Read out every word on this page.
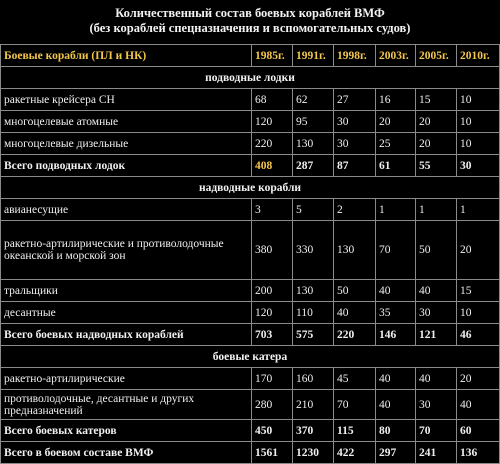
Количественный состав боевых кораблей ВМФ
(без кораблей спецназначения и вспомогательных судов)
Боевые корабли (ПЛ и НК)	1985г.	1991г.	1998г.	2003г.	2005г.	2010г.
подводные лодки						
ракетные крейсера СН	68	62	27	16	15	10
многоцелевые атомные	120	95	30	20	20	10
многоцелевые дизельные	220	130	30	25	20	10
Всего подводных лодок	408	287	87	61	55	30
надводные корабли						
авианесущие	3	5	2	1	1	1
ракетно-артилирические и противолодочные океанской и морской зон	380	330	130	70	50	20
тральщики	200	130	50	40	40	15
десантные	120	110	40	35	30	10
Всего боевых надводных кораблей	703	575	220	146	121	46
боевые катера						
ракетно-артилирические	170	160	45	40	40	20
противолодочные, десантные и других предназначений	280	210	70	40	30	40
Всего боевых катеров	450	370	115	80	70	60
Всего в боевом составе ВМФ	1561	1230	422	297	241	136
